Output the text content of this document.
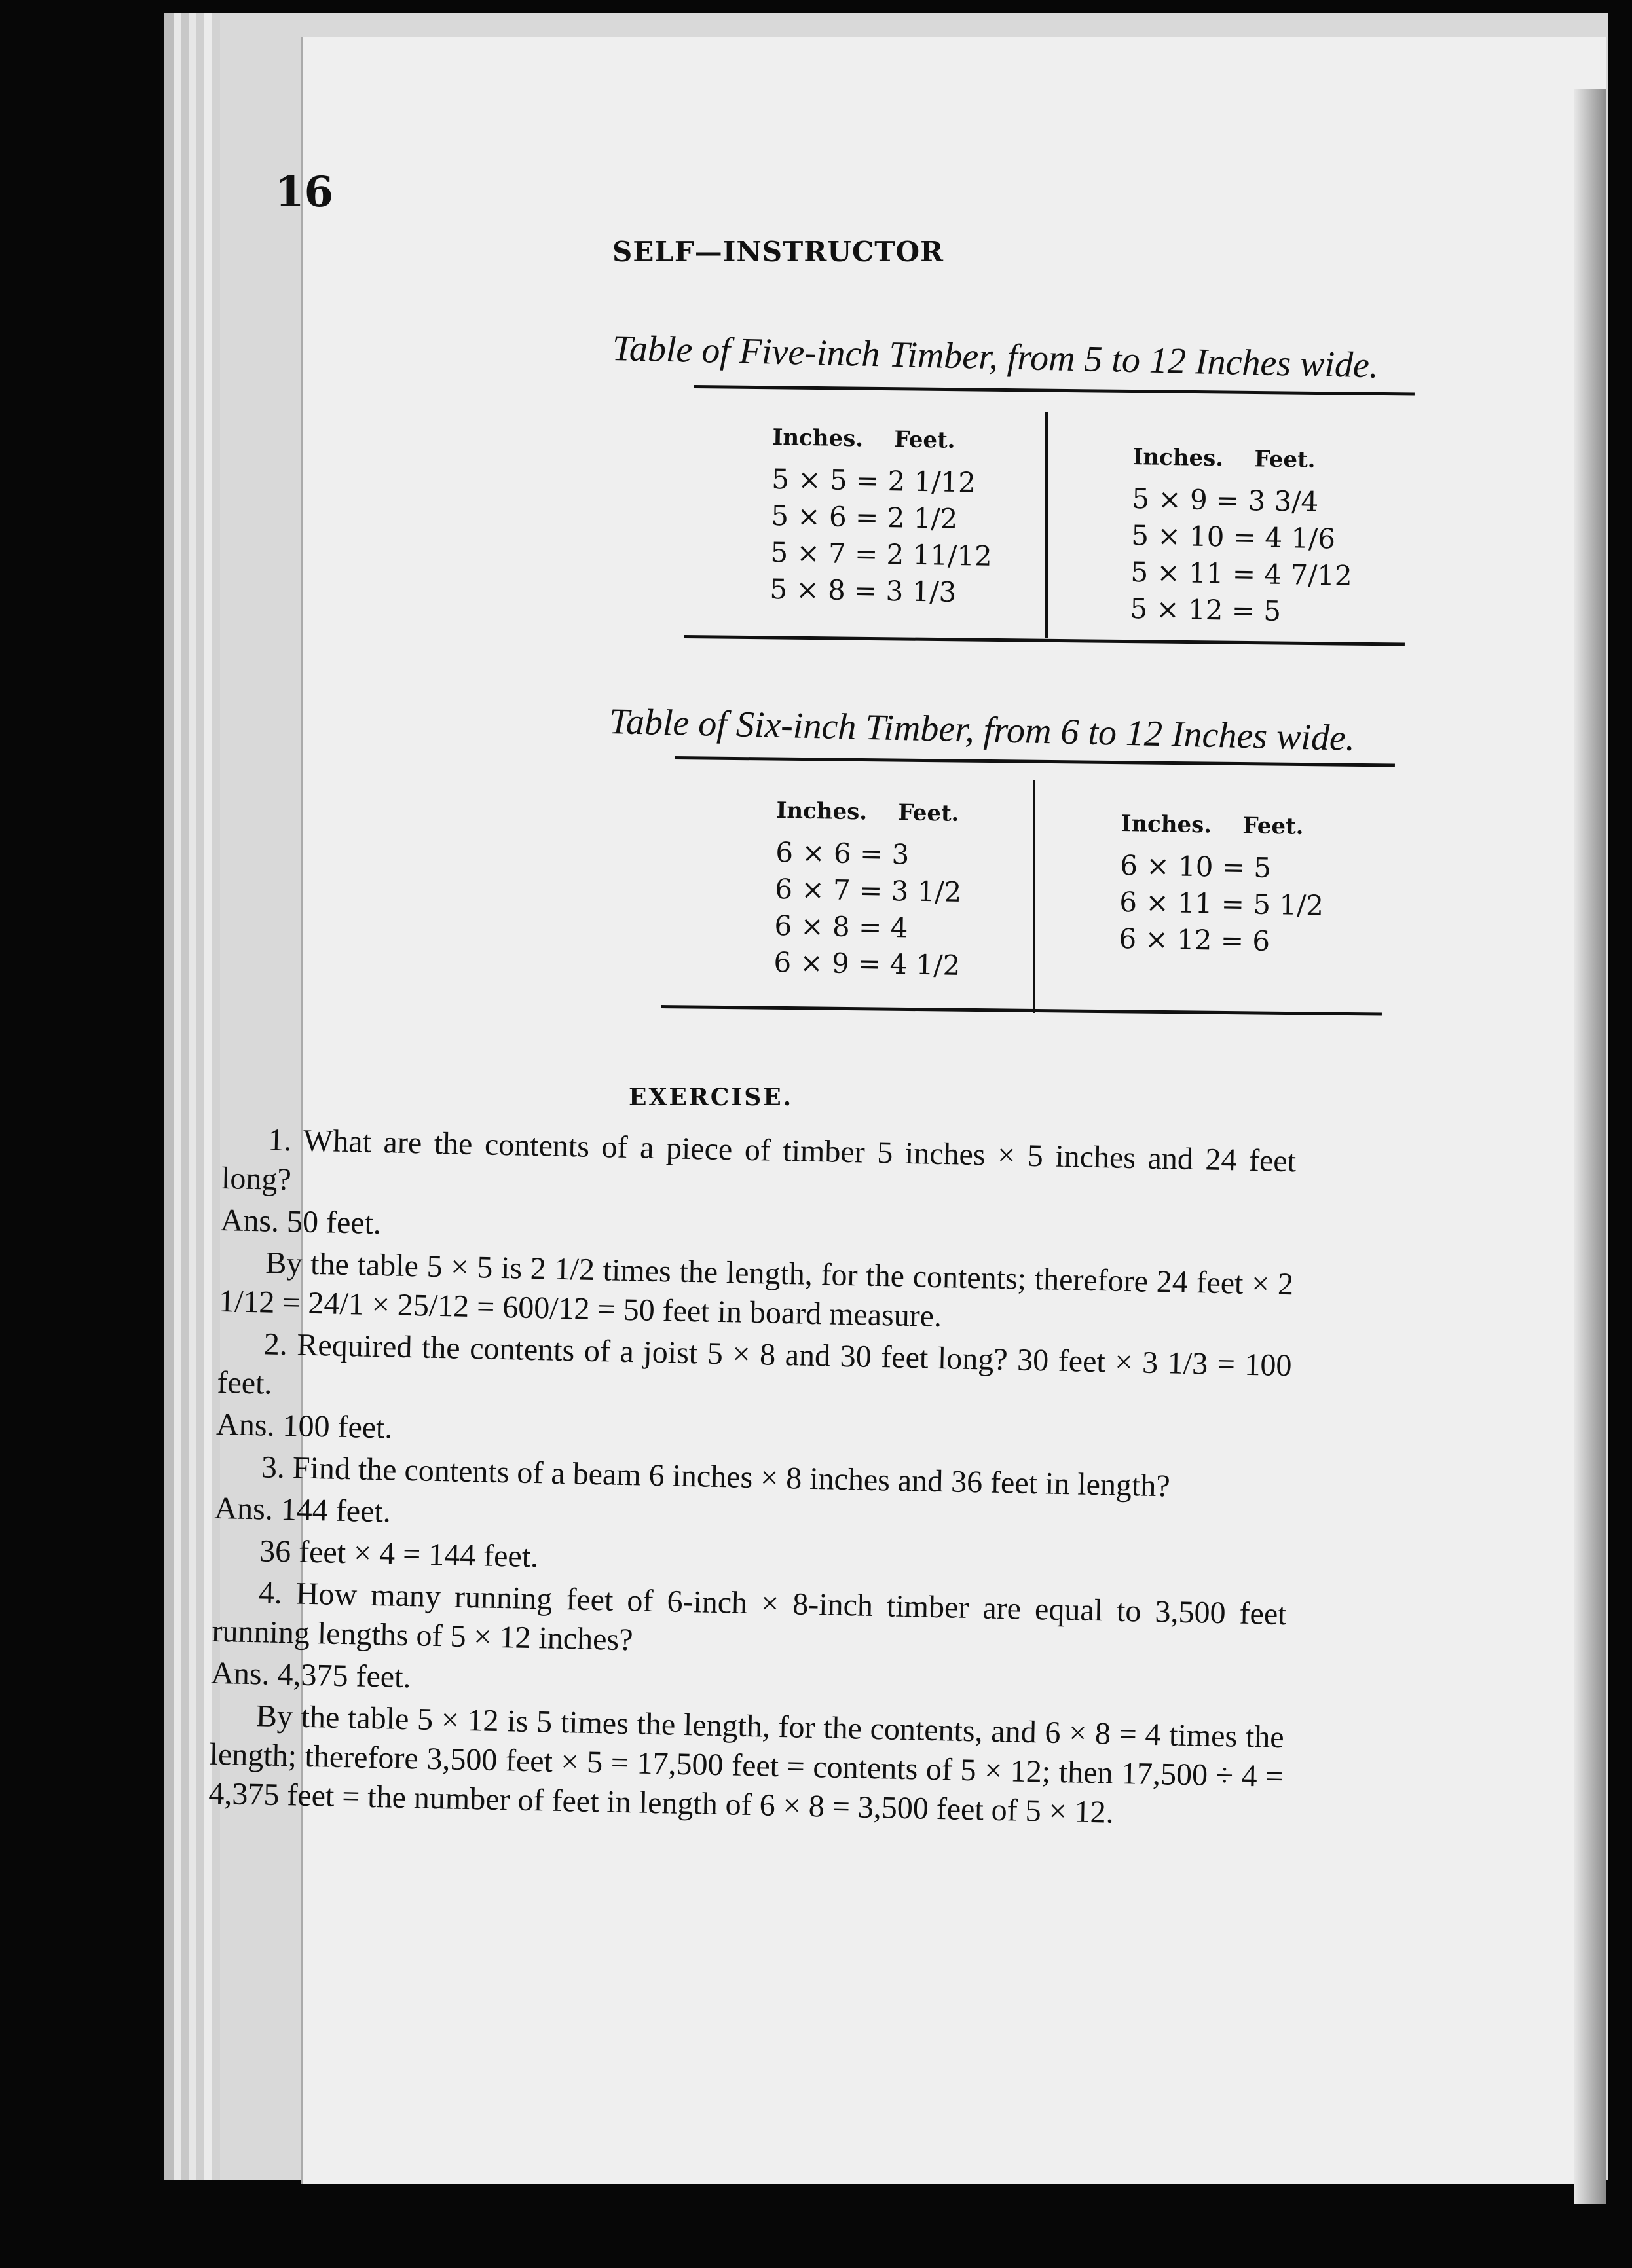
16
SELF—INSTRUCTOR
Table of Five-inch Timber, from 5 to 12 Inches wide.
Inches. Feet.
5 × 5 = 2 1/12
5 × 6 = 2 1/2
5 × 7 = 2 11/12
5 × 8 = 3 1/3
Inches. Feet.
5 × 9 = 3 3/4
5 × 10 = 4 1/6
5 × 11 = 4 7/12
5 × 12 = 5
Table of Six-inch Timber, from 6 to 12 Inches wide.
Inches. Feet.
6 × 6 = 3
6 × 7 = 3 1/2
6 × 8 = 4
6 × 9 = 4 1/2
Inches. Feet.
6 × 10 = 5
6 × 11 = 5 1/2
6 × 12 = 6
EXERCISE.

1. What are the contents of a piece of timber 5 inches × 5 inches and 24 feet long?

Ans. 50 feet.

By the table 5 × 5 is 2 1/2 times the length, for the contents; therefore 24 feet × 2 1/12 = 24/1 × 25/12 = 600/12 = 50 feet in board measure.

2. Required the contents of a joist 5 × 8 and 30 feet long? 30 feet × 3 1/3 = 100 feet.

Ans. 100 feet.

3. Find the contents of a beam 6 inches × 8 inches and 36 feet in length?

Ans. 144 feet.

36 feet × 4 = 144 feet.

4. How many running feet of 6-inch × 8-inch timber are equal to 3,500 feet running lengths of 5 × 12 inches?

Ans. 4,375 feet.

By the table 5 × 12 is 5 times the length, for the contents, and 6 × 8 = 4 times the length; therefore 3,500 feet × 5 = 17,500 feet = contents of 5 × 12; then 17,500 ÷ 4 = 4,375 feet = the number of feet in length of 6 × 8 = 3,500 feet of 5 × 12.
